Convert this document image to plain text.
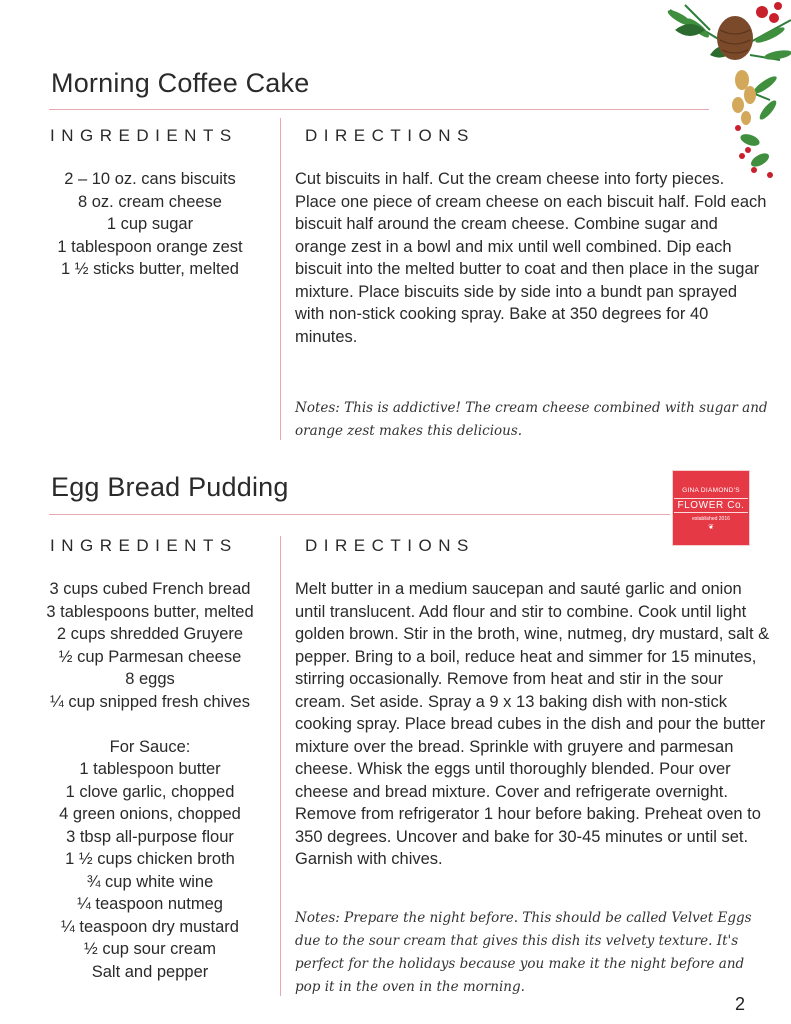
Morning Coffee Cake
INGREDIENTS	DIRECTIONS
2 – 10 oz. cans biscuits
8 oz. cream cheese
1 cup sugar
1 tablespoon orange zest
1 ½ sticks butter, melted

Cut biscuits in half. Cut the cream cheese into forty pieces. Place one piece of cream cheese on each biscuit half. Fold each biscuit half around the cream cheese. Combine sugar and orange zest in a bowl and mix until well combined. Dip each biscuit into the melted butter to coat and then place in the sugar mixture. Place biscuits side by side into a bundt pan sprayed with non-stick cooking spray. Bake at 350 degrees for 40 minutes.

Notes: This is addictive! The cream cheese combined with sugar and orange zest makes this delicious.

Egg Bread Pudding	GINA DIAMOND'S
FLOWER Co.
established 2016
❦
INGREDIENTS	DIRECTIONS
3 cups cubed French bread
3 tablespoons butter, melted
2 cups shredded Gruyere
½ cup Parmesan cheese
8 eggs
¼ cup snipped fresh chives
For Sauce:
1 tablespoon butter
1 clove garlic, chopped
4 green onions, chopped
3 tbsp all-purpose flour
1 ½ cups chicken broth
¾ cup white wine
¼ teaspoon nutmeg
¼ teaspoon dry mustard
½ cup sour cream
Salt and pepper

Melt butter in a medium saucepan and sauté garlic and onion until translucent. Add flour and stir to combine. Cook until light golden brown. Stir in the broth, wine, nutmeg, dry mustard, salt & pepper. Bring to a boil, reduce heat and simmer for 15 minutes, stirring occasionally. Remove from heat and stir in the sour cream. Set aside. Spray a 9 x 13 baking dish with non-stick cooking spray. Place bread cubes in the dish and pour the butter mixture over the bread. Sprinkle with gruyere and parmesan cheese. Whisk the eggs until thoroughly blended. Pour over cheese and bread mixture. Cover and refrigerate overnight. Remove from refrigerator 1 hour before baking. Preheat oven to 350 degrees. Uncover and bake for 30-45 minutes or until set. Garnish with chives.

Notes: Prepare the night before. This should be called Velvet Eggs due to the sour cream that gives this dish its velvety texture. It's perfect for the holidays because you make it the night before and pop it in the oven in the morning.

2
